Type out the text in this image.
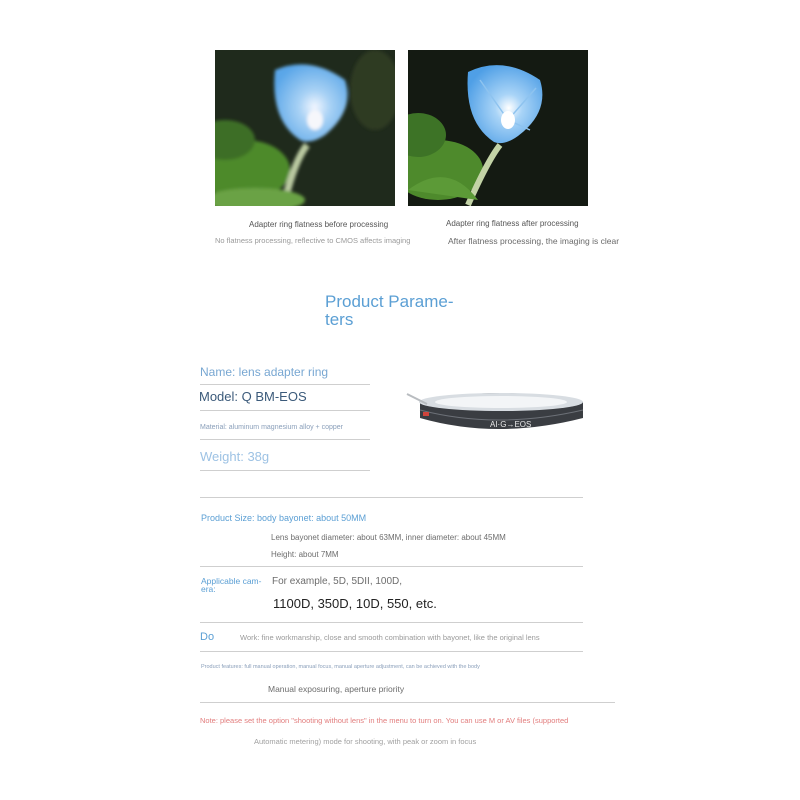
Adapter ring flatness before processing
No flatness processing, reflective to CMOS affects imaging
Adapter ring flatness after processing
After flatness processing, the imaging is clear
Product Parame-
ters
Name: lens adapter ring
Model: Q BM-EOS
Material: aluminum magnesium alloy + copper
Weight: 38g
AI·G→EOS
Product Size: body bayonet: about 50MM
Lens bayonet diameter: about 63MM, inner diameter: about 45MM
Height: about 7MM
Applicable cam-
era:
For example, 5D, 5DII, 100D,
1100D, 350D, 10D, 550, etc.
Do	Work: fine workmanship, close and smooth combination with bayonet, like the original lens
Product features: full manual operation, manual focus, manual aperture adjustment, can be achieved with the body
Manual exposuring, aperture priority
Note: please set the option "shooting without lens" in the menu to turn on. You can use M or AV files (supported
Automatic metering) mode for shooting, with peak or zoom in focus
